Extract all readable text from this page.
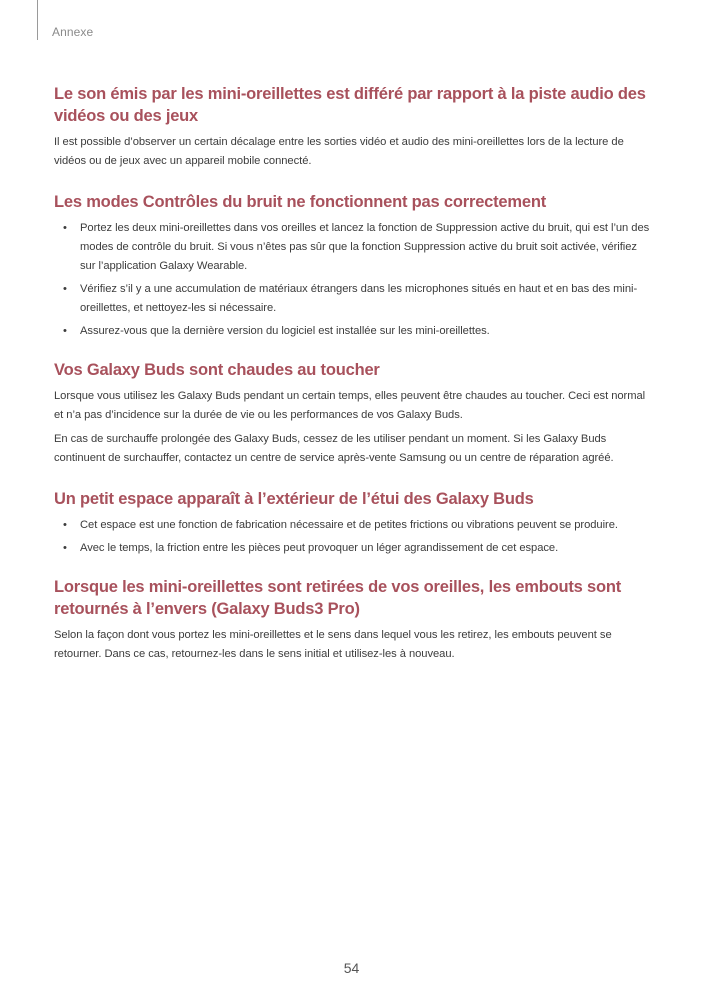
Annexe
Le son émis par les mini-oreillettes est différé par rapport à la piste audio des vidéos ou des jeux

Il est possible d’observer un certain décalage entre les sorties vidéo et audio des mini-oreillettes lors de la lecture de vidéos ou de jeux avec un appareil mobile connecté.

Les modes Contrôles du bruit ne fonctionnent pas correctement
• Portez les deux mini-oreillettes dans vos oreilles et lancez la fonction de Suppression active du bruit, qui est l’un des modes de contrôle du bruit. Si vous n’êtes pas sûr que la fonction Suppression active du bruit soit activée, vérifiez sur l’application Galaxy Wearable.
• Vérifiez s’il y a une accumulation de matériaux étrangers dans les microphones situés en haut et en bas des mini-oreillettes, et nettoyez-les si nécessaire.
• Assurez-vous que la dernière version du logiciel est installée sur les mini-oreillettes.
Vos Galaxy Buds sont chaudes au toucher

Lorsque vous utilisez les Galaxy Buds pendant un certain temps, elles peuvent être chaudes au toucher. Ceci est normal et n’a pas d’incidence sur la durée de vie ou les performances de vos Galaxy Buds.

En cas de surchauffe prolongée des Galaxy Buds, cessez de les utiliser pendant un moment. Si les Galaxy Buds continuent de surchauffer, contactez un centre de service après-vente Samsung ou un centre de réparation agréé.

Un petit espace apparaît à l’extérieur de l’étui des Galaxy Buds
• Cet espace est une fonction de fabrication nécessaire et de petites frictions ou vibrations peuvent se produire.
• Avec le temps, la friction entre les pièces peut provoquer un léger agrandissement de cet espace.
Lorsque les mini-oreillettes sont retirées de vos oreilles, les embouts sont retournés à l’envers (Galaxy Buds3 Pro)

Selon la façon dont vous portez les mini-oreillettes et le sens dans lequel vous les retirez, les embouts peuvent se retourner. Dans ce cas, retournez-les dans le sens initial et utilisez-les à nouveau.

54
